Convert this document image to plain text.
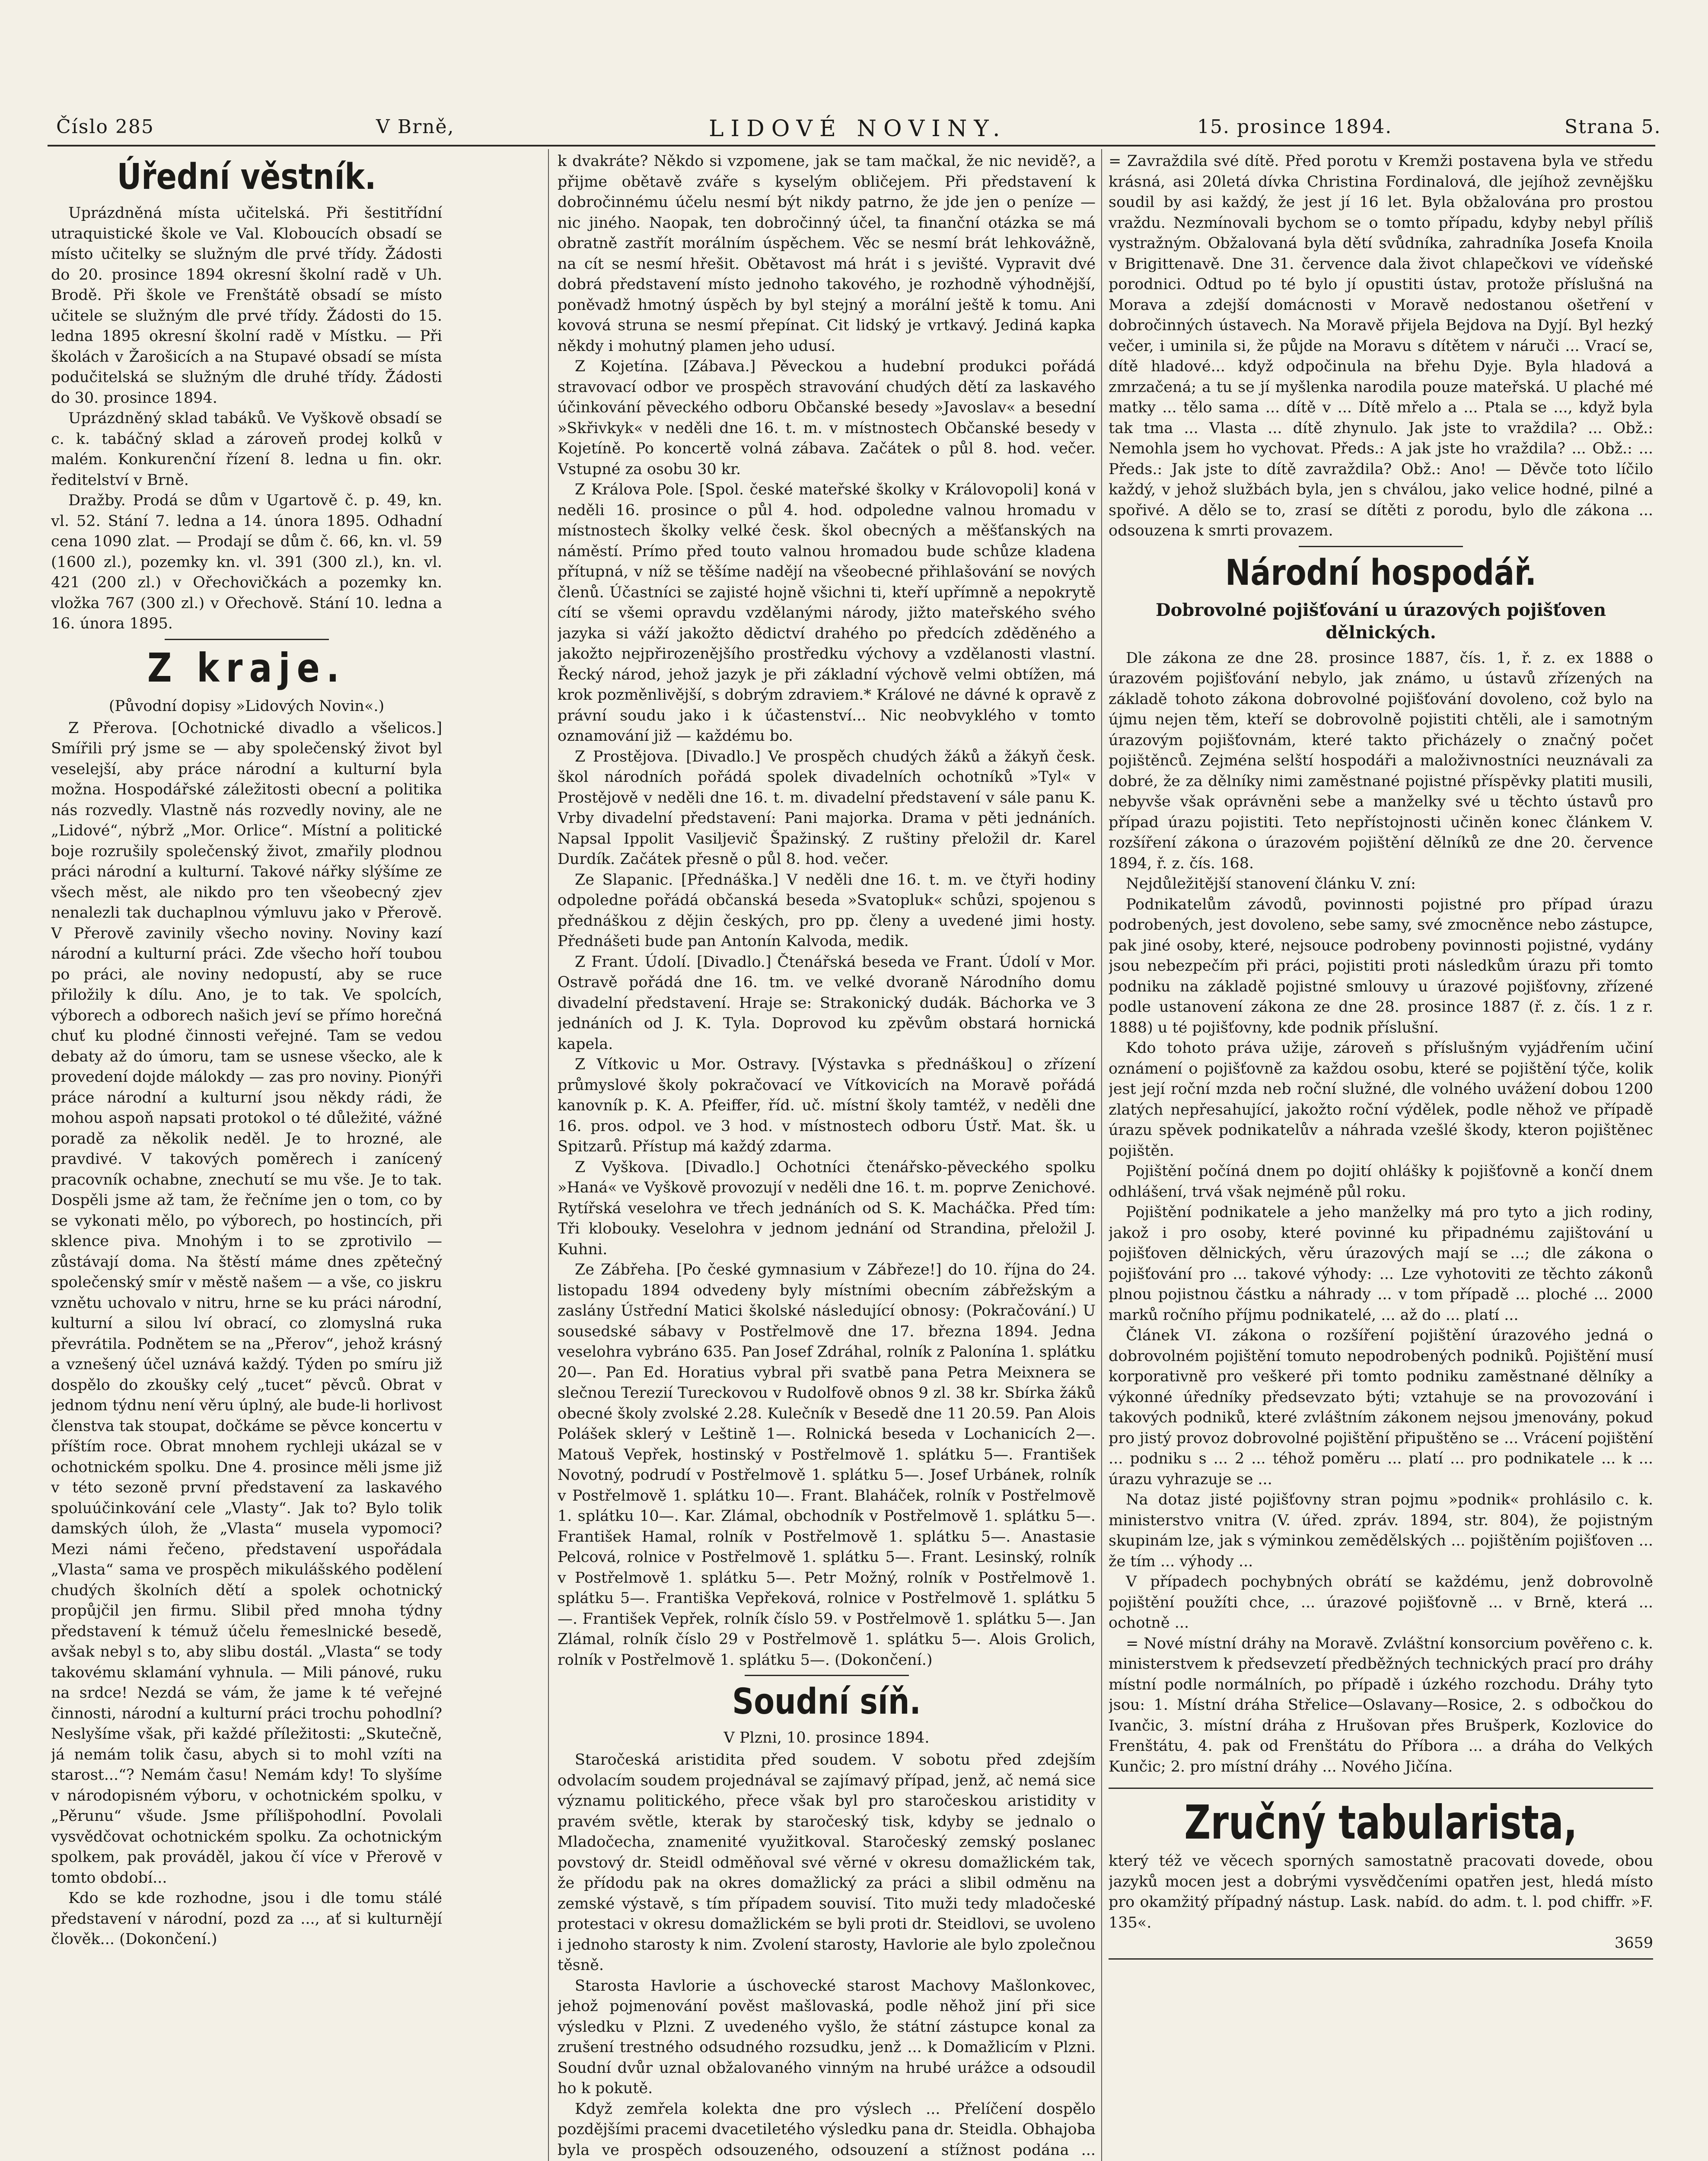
Číslo 285	V Brně,	LIDOVÉ NOVINY.	15. prosince 1894.	Strana 5.
Úřední věstník.

Uprázdněná místa učitelská. Při šestitřídní utraquistické škole ve Val. Kloboucích obsadí se místo učitelky se služným dle prvé třídy. Žádosti do 20. prosince 1894 okresní školní radě v Uh. Brodě. Při škole ve Frenštátě obsadí se místo učitele se služným dle prvé třídy. Žádosti do 15. ledna 1895 okresní školní radě v Místku. — Při školách v Žarošicích a na Stupavé obsadí se místa podučitelská se služným dle druhé třídy. Žádosti do 30. prosince 1894.

Uprázdněný sklad tabáků. Ve Vyškově obsadí se c. k. tabáčný sklad a zároveň prodej kolků v malém. Konkurenční řízení 8. ledna u fin. okr. ředitelství v Brně.

Dražby. Prodá se dům v Ugartově č. p. 49, kn. vl. 52. Stání 7. ledna a 14. února 1895. Odhadní cena 1090 zlat. — Prodají se dům č. 66, kn. vl. 59 (1600 zl.), pozemky kn. vl. 391 (300 zl.), kn. vl. 421 (200 zl.) v Ořechovičkách a pozemky kn. vložka 767 (300 zl.) v Ořechově. Stání 10. ledna a 16. února 1895.

Z kraje.
(Původní dopisy »Lidových Novin«.)

Z Přerova. [Ochotnické divadlo a všelicos.] Smířili prý jsme se — aby společenský život byl veselejší, aby práce národní a kulturní byla možna. Hospodářské záležitosti obecní a politika nás rozvedly. Vlastně nás rozvedly noviny, ale ne „Lidové“, nýbrž „Mor. Orlice“. Místní a politické boje rozrušily společenský život, zmařily plodnou práci národní a kulturní. Takové nářky slýšíme ze všech měst, ale nikdo pro ten všeobecný zjev nenalezli tak duchaplnou výmluvu jako v Přerově. V Přerově zavinily všecho noviny. Noviny kazí národní a kulturní práci. Zde všecho hoří toubou po práci, ale noviny nedopustí, aby se ruce přiložily k dílu. Ano, je to tak. Ve spolcích, výborech a odborech našich jeví se přímo horečná chuť ku plodné činnosti veřejné. Tam se vedou debaty až do úmoru, tam se usnese všecko, ale k provedení dojde málokdy — zas pro noviny. Pionýři práce národní a kulturní jsou někdy rádi, že mohou aspoň napsati protokol o té důležité, vážné poradě za několik neděl. Je to hrozné, ale pravdivé. V takových poměrech i zanícený pracovník ochabne, znechutí se mu vše. Je to tak. Dospěli jsme až tam, že řečníme jen o tom, co by se vykonati mělo, po výborech, po hostincích, při sklence piva. Mnohým i to se zprotivilo — zůstávají doma. Na štěstí máme dnes zpětečný společenský smír v městě našem — a vše, co jiskru vznětu uchovalo v nitru, hrne se ku práci národní, kulturní a silou lví obrací, co zlomyslná ruka převrátila. Podnětem se na „Přerov“, jehož krásný a vznešený účel uznává každý. Týden po smíru již dospělo do zkoušky celý „tucet“ pěvců. Obrat v jednom týdnu není věru úplný, ale bude-li horlivost členstva tak stoupat, dočkáme se pěvce koncertu v příštím roce. Obrat mnohem rychleji ukázal se v ochotnickém spolku. Dne 4. prosince měli jsme již v této sezoně první představení za laskavého spoluúčinkování cele „Vlasty“. Jak to? Bylo tolik damských úloh, že „Vlasta“ musela vypomoci? Mezi námi řečeno, představení uspořádala „Vlasta“ sama ve prospěch mikulášského podělení chudých školních dětí a spolek ochotnický propůjčil jen firmu. Slibil před mnoha týdny představení k témuž účelu řemeslnické besedě, avšak nebyl s to, aby slibu dostál. „Vlasta“ se tody takovému sklamání vyhnula. — Mili pánové, ruku na srdce! Nezdá se vám, že jame k té veřejné činnosti, národní a kulturní práci trochu pohodlní? Neslyšíme však, při každé příležitosti: „Skutečně, já nemám tolik času, abych si to mohl vzíti na starost...“? Nemám času! Nemám kdy! To slyšíme v národopisném výboru, v ochotnickém spolku, v „Pěrunu“ všude. Jsme přílišpohodlní. Povolali vysvědčovat ochotnickém spolku. Za ochotnickým spolkem, pak prováděl, jakou čí více v Přerově v tomto období...

Kdo se kde rozhodne, jsou i dle tomu stálé představení v národní, pozd za ..., ať si kulturnějí člověk... (Dokončení.)

k dvakráte? Někdo si vzpomene, jak se tam mačkal, že nic nevidě?, a přijme obětavě zváře s kyselým obličejem. Při představení k dobročinnému účelu nesmí být nikdy patrno, že jde jen o peníze — nic jiného. Naopak, ten dobročinný účel, ta finanční otázka se má obratně zastřít morálním úspěchem. Věc se nesmí brát lehkovážně, na cít se nesmí hřešit. Obětavost má hrát i s jevišté. Vypravit dvé dobrá představení místo jednoho takového, je rozhodně výhodnější, poněvadž hmotný úspěch by byl stejný a morální ještě k tomu. Ani kovová struna se nesmí přepínat. Cit lidský je vrtkavý. Jediná kapka někdy i mohutný plamen jeho udusí.

Z Kojetína. [Zábava.] Pěveckou a hudební produkci pořádá stravovací odbor ve prospěch stravování chudých dětí za laskavého účinkování pěveckého odboru Občanské besedy »Javoslav« a besední »Skřivkyk« v neděli dne 16. t. m. v místnostech Občanské besedy v Kojetíně. Po koncertě volná zábava. Začátek o půl 8. hod. večer. Vstupné za osobu 30 kr.

Z Králova Pole. [Spol. české mateřské školky v Královopoli] koná v neděli 16. prosince o půl 4. hod. odpoledne valnou hromadu v místnostech školky velké česk. škol obecných a měšťanských na náměstí. Prímo před touto valnou hromadou bude schůze kladena přítupná, v níž se těšíme nadějí na všeobecné přihlašování se nových členů. Účastníci se zajisté hojně všichni ti, kteří upřímně a nepokrytě cítí se všemi opravdu vzdělanými národy, jižto mateřského svého jazyka si váží jakožto dědictví drahého po předcích zděděného a jakožto nejpřirozenějšího prostředku výchovy a vzdělanosti vlastní. Řecký národ, jehož jazyk je při základní výchově velmi obtížen, má krok pozměnlivější, s dobrým zdraviem.* Králové ne dávné k opravě z právní soudu jako i k účastenství... Nic neobvyklého v tomto oznamování již — každému bo.

Z Prostějova. [Divadlo.] Ve prospěch chudých žáků a žákyň česk. škol národních pořádá spolek divadelních ochotníků »Tyl« v Prostějově v neděli dne 16. t. m. divadelní představení v sále panu K. Vrby divadelní představení: Pani majorka. Drama v pěti jednáních. Napsal Ippolit Vasiljevič Špažinský. Z ruštiny přeložil dr. Karel Durdík. Začátek přesně o půl 8. hod. večer.

Ze Slapanic. [Přednáška.] V neděli dne 16. t. m. ve čtyři hodiny odpoledne pořádá občanská beseda »Svatopluk« schůzi, spojenou s přednáškou z dějin českých, pro pp. členy a uvedené jimi hosty. Přednášeti bude pan Antonín Kalvoda, medik.

Z Frant. Údolí. [Divadlo.] Čtenářská beseda ve Frant. Údolí v Mor. Ostravě pořádá dne 16. tm. ve velké dvoraně Národního domu divadelní představení. Hraje se: Strakonický dudák. Báchorka ve 3 jednáních od J. K. Tyla. Doprovod ku zpěvům obstará hornická kapela.

Z Vítkovic u Mor. Ostravy. [Výstavka s přednáškou] o zřízení průmyslové školy pokračovací ve Vítkovicích na Moravě pořádá kanovník p. K. A. Pfeiffer, říd. uč. místní školy tamtéž, v neděli dne 16. pros. odpol. ve 3 hod. v místnostech odboru Ústř. Mat. šk. u Spitzarů. Přístup má každý zdarma.

Z Vyškova. [Divadlo.] Ochotníci čtenářsko-pěveckého spolku »Haná« ve Vyškově provozují v neděli dne 16. t. m. poprve Zenichové. Rytířská veselohra ve třech jednáních od S. K. Macháčka. Před tím: Tři klobouky. Veselohra v jednom jednání od Strandina, přeložil J. Kuhni.

Ze Zábřeha. [Po české gymnasium v Zábřeze!] do 10. října do 24. listopadu 1894 odvedeny byly místními obecním zábřežským a zaslány Ústřední Matici školské následující obnosy: (Pokračování.) U sousedské sábavy v Postřelmově dne 17. března 1894. Jedna veselohra vybráno 635. Pan Josef Zdráhal, rolník z Palonína 1. splátku 20—. Pan Ed. Horatius vybral při svatbě pana Petra Meixnera se slečnou Terezií Tureckovou v Rudolfově obnos 9 zl. 38 kr. Sbírka žáků obecné školy zvolské 2.28. Kulečník v Besedě dne 11 20.59. Pan Alois Polášek sklerý v Leštině 1—. Rolnická beseda v Lochanicích 2—. Matouš Vepřek, hostinský v Postřelmově 1. splátku 5—. František Novotný, podrudí v Postřelmově 1. splátku 5—. Josef Urbánek, rolník v Postřelmově 1. splátku 10—. Frant. Blaháček, rolník v Postřelmově 1. splátku 10—. Kar. Zlámal, obchodník v Postřelmově 1. splátku 5—. František Hamal, rolník v Postřelmově 1. splátku 5—. Anastasie Pelcová, rolnice v Postřelmově 1. splátku 5—. Frant. Lesinský, rolník v Postřelmově 1. splátku 5—. Petr Možný, rolník v Postřelmově 1. splátku 5—. Františka Vepřeková, rolnice v Postřelmově 1. splátku 5—. František Vepřek, rolník číslo 59. v Postřelmově 1. splátku 5—. Jan Zlámal, rolník číslo 29 v Postřelmově 1. splátku 5—. Alois Grolich, rolník v Postřelmově 1. splátku 5—. (Dokončení.)

Soudní síň.
V Plzni, 10. prosince 1894.

Staročeská aristidita před soudem. V sobotu před zdejším odvolacím soudem projednával se zajímavý případ, jenž, ač nemá sice významu politického, přece však byl pro staročeskou aristidity v pravém světle, kterak by staročeský tisk, kdyby se jednalo o Mladočecha, znamenité využitkoval. Staročeský zemský poslanec povstový dr. Steidl odměňoval své věrné v okresu domažlickém tak, že přídodu pak na okres domažlický za práci a slibil odměnu na zemské výstavě, s tím případem souvisí. Tito muži tedy mladočeské protestaci v okresu domažlickém se byli proti dr. Steidlovi, se uvoleno i jednoho starosty k nim. Zvolení starosty, Havlorie ale bylo zpolečnou těsně.

Starosta Havlorie a úschovecké starost Machovy Mašlonkovec, jehož pojmenování pověst mašlovaská, podle něhož jiní při sice výsledku v Plzni. Z uvedeného vyšlo, že státní zástupce konal za zrušení trestného odsudného rozsudku, jenž ... k Domažlicím v Plzni. Soudní dvůr uznal obžalovaného vinným na hrubé urážce a odsoudil ho k pokutě.

Když zemřela kolekta dne pro výslech ... Přelíčení dospělo pozdějšími pracemi dvacetiletého výsledku pana dr. Steidla. Obhajoba byla ve prospěch odsouzeného, odsouzení a stížnost podána ...

= Zavraždila své dítě. Před porotu v Kremži postavena byla ve středu krásná, asi 20letá dívka Christina Fordinalová, dle jejíhož zevnějšku soudil by asi každý, že jest jí 16 let. Byla obžalována pro prostou vraždu. Nezmínovali bychom se o tomto případu, kdyby nebyl příliš vystražným. Obžalovaná byla dětí svůdníka, zahradníka Josefa Knoila v Brigittenavě. Dne 31. července dala život chlapečkovi ve vídeňské porodnici. Odtud po té bylo jí opustiti ústav, protože příslušná na Morava a zdejší domácnosti v Moravě nedostanou ošetření v dobročinných ústavech. Na Moravě přijela Bejdova na Dyjí. Byl hezký večer, i uminila si, že půjde na Moravu s dítětem v náruči ... Vrací se, dítě hladové... když odpočinula na břehu Dyje. Byla hladová a zmrzačená; a tu se jí myšlenka narodila pouze mateřská. U plaché mé matky ... tělo sama ... dítě v ... Dítě mřelo a ... Ptala se ..., když byla tak tma ... Vlasta ... dítě zhynulo. Jak jste to vraždila? ... Obž.: Nemohla jsem ho vychovat. Předs.: A jak jste ho vraždila? ... Obž.: ... Předs.: Jak jste to dítě zavraždila? Obž.: Ano! — Děvče toto líčilo každý, v jehož službách byla, jen s chválou, jako velice hodné, pilné a spořivé. A dělo se to, zrasí se dítěti z porodu, bylo dle zákona ... odsouzena k smrti provazem.

Národní hospodář.
Dobrovolné pojišťování u úrazových pojišťoven dělnických.

Dle zákona ze dne 28. prosince 1887, čís. 1, ř. z. ex 1888 o úrazovém pojišťování nebylo, jak známo, u ústavů zřízených na základě tohoto zákona dobrovolné pojišťování dovoleno, což bylo na újmu nejen těm, kteří se dobrovolně pojistiti chtěli, ale i samotným úrazovým pojišťovnám, které takto přicházely o značný počet pojištěnců. Zejména selští hospodáři a maloživnostníci neuznávali za dobré, že za dělníky nimi zaměstnané pojistné příspěvky platiti musili, nebyvše však oprávněni sebe a manželky své u těchto ústavů pro případ úrazu pojistiti. Teto nepřístojnosti učiněn konec článkem V. rozšíření zákona o úrazovém pojištění dělníků ze dne 20. července 1894, ř. z. čís. 168.

Nejdůležitější stanovení článku V. zní:

Podnikatelům závodů, povinnosti pojistné pro případ úrazu podrobených, jest dovoleno, sebe samy, své zmocněnce nebo zástupce, pak jiné osoby, které, nejsouce podrobeny povinnosti pojistné, vydány jsou nebezpečím při práci, pojistiti proti následkům úrazu při tomto podniku na základě pojistné smlouvy u úrazové pojišťovny, zřízené podle ustanovení zákona ze dne 28. prosince 1887 (ř. z. čís. 1 z r. 1888) u té pojišťovny, kde podnik příslušní.

Kdo tohoto práva užije, zároveň s příslušným vyjádřením učiní oznámení o pojišťovně za každou osobu, které se pojištění týče, kolik jest její roční mzda neb roční služné, dle volného uvážení dobou 1200 zlatých nepřesahující, jakožto roční výdělek, podle něhož ve případě úrazu spěvek podnikatelův a náhrada vzešlé škody, kteron pojištěnec pojištěn.

Pojištění počíná dnem po dojití ohlášky k pojišťovně a končí dnem odhlášení, trvá však nejméně půl roku.

Pojištění podnikatele a jeho manželky má pro tyto a jich rodiny, jakož i pro osoby, které povinné ku připadnému zajištování u pojišťoven dělnických, věru úrazových mají se ...; dle zákona o pojišťování pro ... takové výhody: ... Lze vyhotoviti ze těchto zákonů plnou pojistnou částku a náhrady ... v tom případě ... ploché ... 2000 marků ročního příjmu podnikatelé, ... až do ... platí ...

Článek VI. zákona o rozšíření pojištění úrazového jedná o dobrovolném pojištění tomuto nepodrobených podniků. Pojištění musí korporativně pro veškeré při tomto podniku zaměstnané dělníky a výkonné úředníky předsevzato býti; vztahuje se na provozování i takových podniků, které zvláštním zákonem nejsou jmenovány, pokud pro jistý provoz dobrovolné pojištění připuštěno se ... Vrácení pojištění ... podniku s ... 2 ... téhož poměru ... platí ... pro podnikatele ... k ... úrazu vyhrazuje se ...

Na dotaz jisté pojišťovny stran pojmu »podnik« prohlásilo c. k. ministerstvo vnitra (V. úřed. zpráv. 1894, str. 804), že pojistným skupinám lze, jak s výminkou zemědělských ... pojištěním pojišťoven ... že tím ... výhody ...

V případech pochybných obrátí se každému, jenž dobrovolně pojištění použíti chce, ... úrazové pojišťovně ... v Brně, která ... ochotně ...

= Nové místní dráhy na Moravě. Zvláštní konsorcium pověřeno c. k. ministerstvem k předsevzetí předběžných technických prací pro dráhy místní podle normálních, po případě i úzkého rozchodu. Dráhy tyto jsou: 1. Místní dráha Střelice—Oslavany—Rosice, 2. s odbočkou do Ivančic, 3. místní dráha z Hrušovan přes Brušperk, Kozlovice do Frenštátu, 4. pak od Frenštátu do Příbora ... a dráha do Velkých Kunčic; 2. pro místní dráhy ... Nového Jičína.

Zručný tabularista,

který též ve věcech sporných samostatně pracovati dovede, obou jazyků mocen jest a dobrými vysvědčeními opatřen jest, hledá místo pro okamžitý případný nástup. Lask. nabíd. do adm. t. l. pod chiffr. »F. 135«.

3659
